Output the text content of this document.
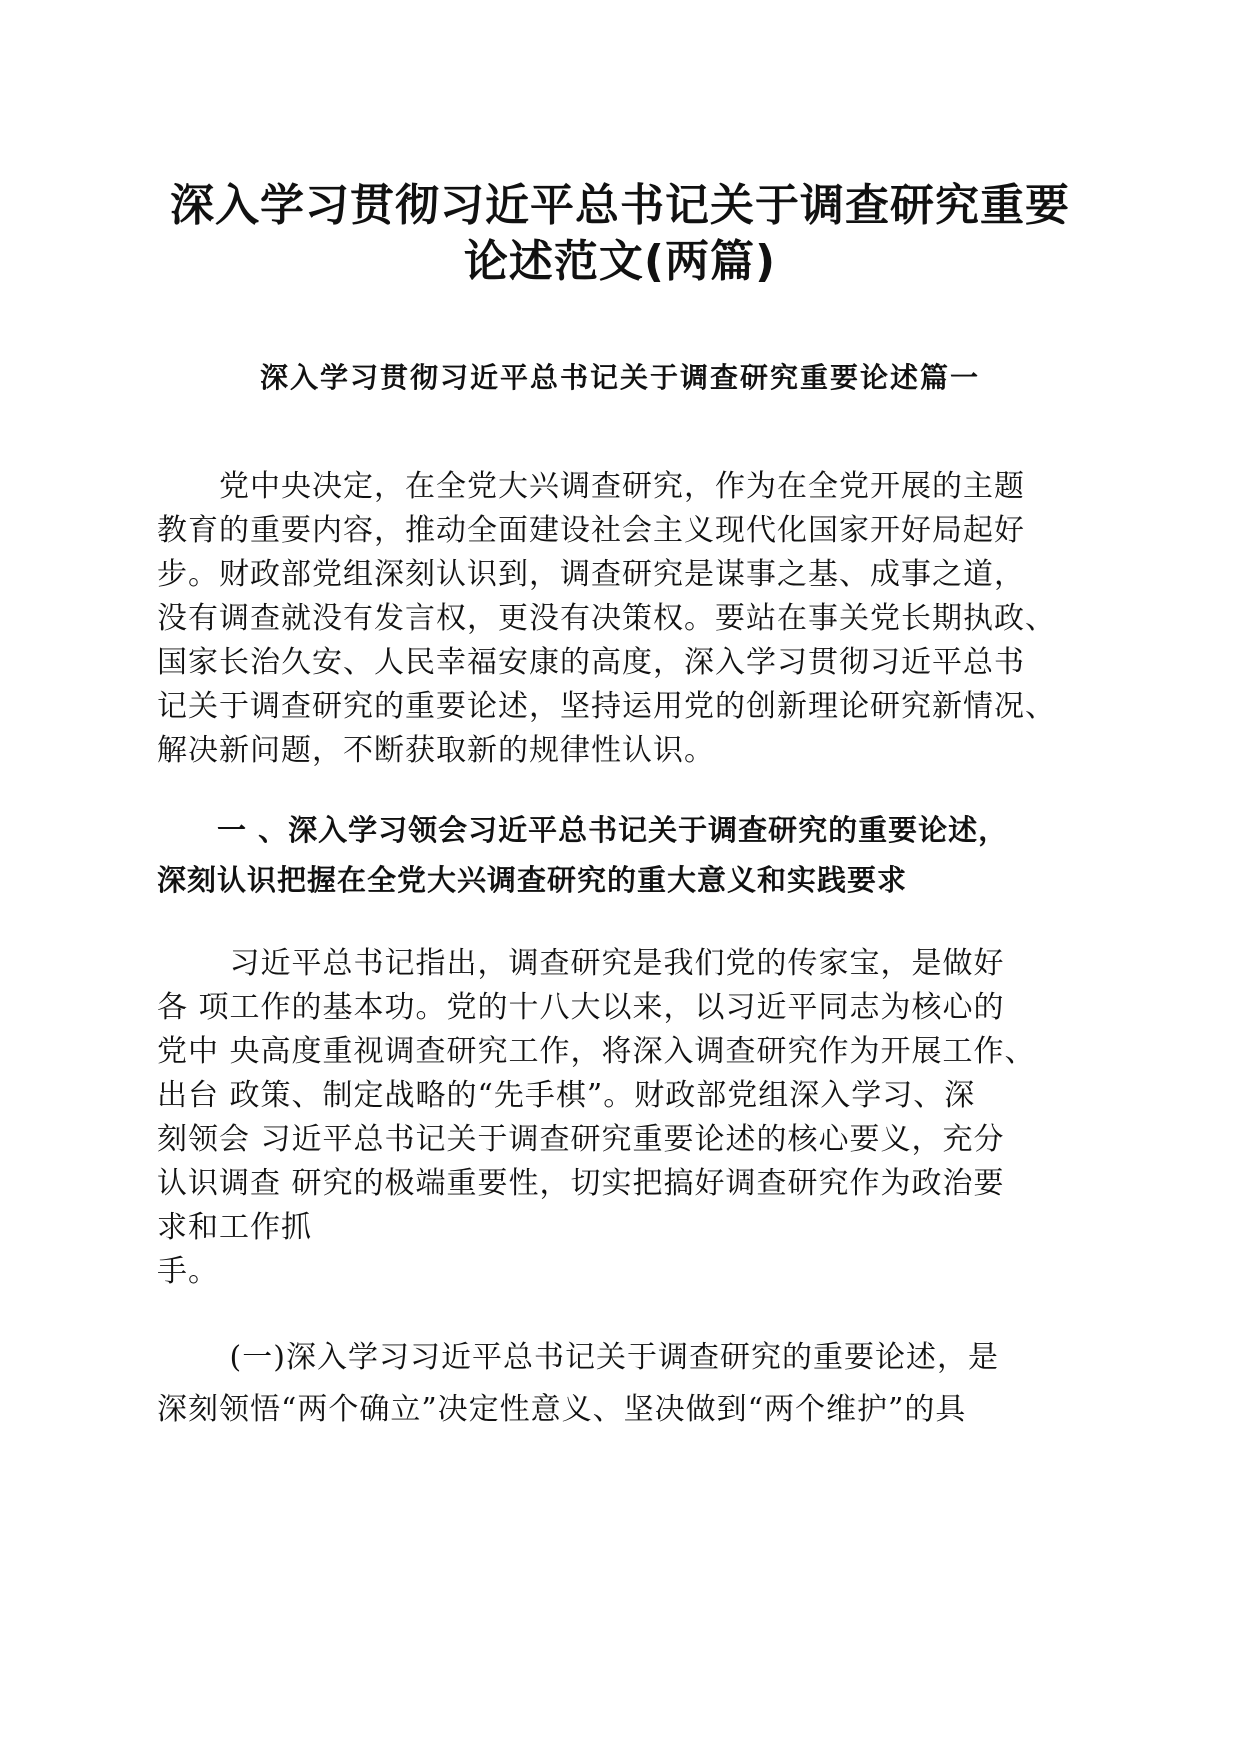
深入学习贯彻习近平总书记关于调查研究重要
论述范文(两篇)
深入学习贯彻习近平总书记关于调查研究重要论述篇一

　　党中央决定，在全党大兴调查研究，作为在全党开展的主题
教育的重要内容，推动全面建设社会主义现代化国家开好局起好
步。财政部党组深刻认识到，调查研究是谋事之基、成事之道，
没有调查就没有发言权，更没有决策权。要站在事关党长期执政、
国家长治久安、人民幸福安康的高度，深入学习贯彻习近平总书
记关于调查研究的重要论述，坚持运用党的创新理论研究新情况、
解决新问题，不断获取新的规律性认识。

　　一 、深入学习领会习近平总书记关于调查研究的重要论述，
深刻认识把握在全党大兴调查研究的重大意义和实践要求

　　 习近平总书记指出，调查研究是我们党的传家宝，是做好
各 项工作的基本功。党的十八大以来，以习近平同志为核心的
党中 央高度重视调查研究工作，将深入调查研究作为开展工作、
出台 政策、制定战略的“先手棋”。财政部党组深入学习、深
刻领会 习近平总书记关于调查研究重要论述的核心要义，充分
认识调查 研究的极端重要性，切实把搞好调查研究作为政治要
求和工作抓
手。

　　 (一)深入学习习近平总书记关于调查研究的重要论述，是
深刻领悟“两个确立”决定性意义、坚决做到“两个维护”的具
